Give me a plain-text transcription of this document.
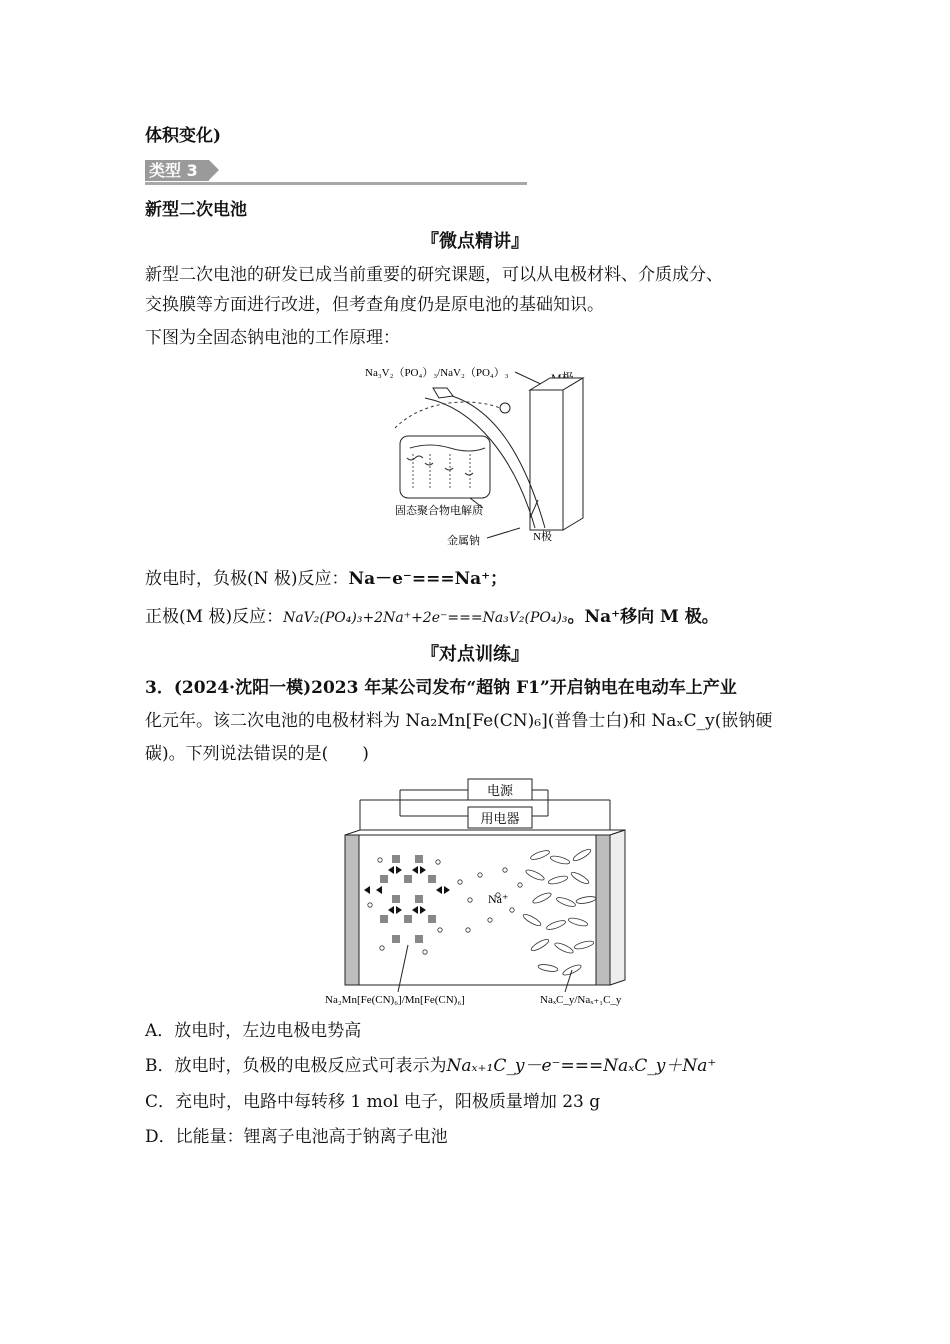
体积变化)
类型 3
新型二次电池
『微点精讲』
新型二次电池的研发已成当前重要的研究课题，可以从电极材料、介质成分、
交换膜等方面进行改进，但考查角度仍是原电池的基础知识。
下图为全固态钠电池的工作原理：
Na₃V₂（PO₄）₃/NaV₂（PO₄）₃
固态聚合物电解质
金属钠	N极
放电时，负极(N 极)反应：Na－e⁻===Na⁺；
正极(M 极)反应：NaV₂(PO₄)₃+2Na⁺+2e⁻===Na₃V₂(PO₄)₃。Na⁺移向 M 极。
『对点训练』
3．(2024·沈阳一模)2023 年某公司发布“超钠 F1”开启钠电在电动车上产业
化元年。该二次电池的电极材料为 Na₂Mn[Fe(CN)₆](普鲁士白)和 NaₓC_y(嵌钠硬
碳)。下列说法错误的是(　　)
电源
用电器
Na⁺
Na₂Mn[Fe(CN)₆]/Mn[Fe(CN)₆]	NaₓC_y/Naₓ₊₁C_y
A．放电时，左边电极电势高
B．放电时，负极的电极反应式可表示为Naₓ₊₁C_y－e⁻===NaₓC_y＋Na⁺
C．充电时，电路中每转移 1 mol 电子，阳极质量增加 23 g
D．比能量：锂离子电池高于钠离子电池
